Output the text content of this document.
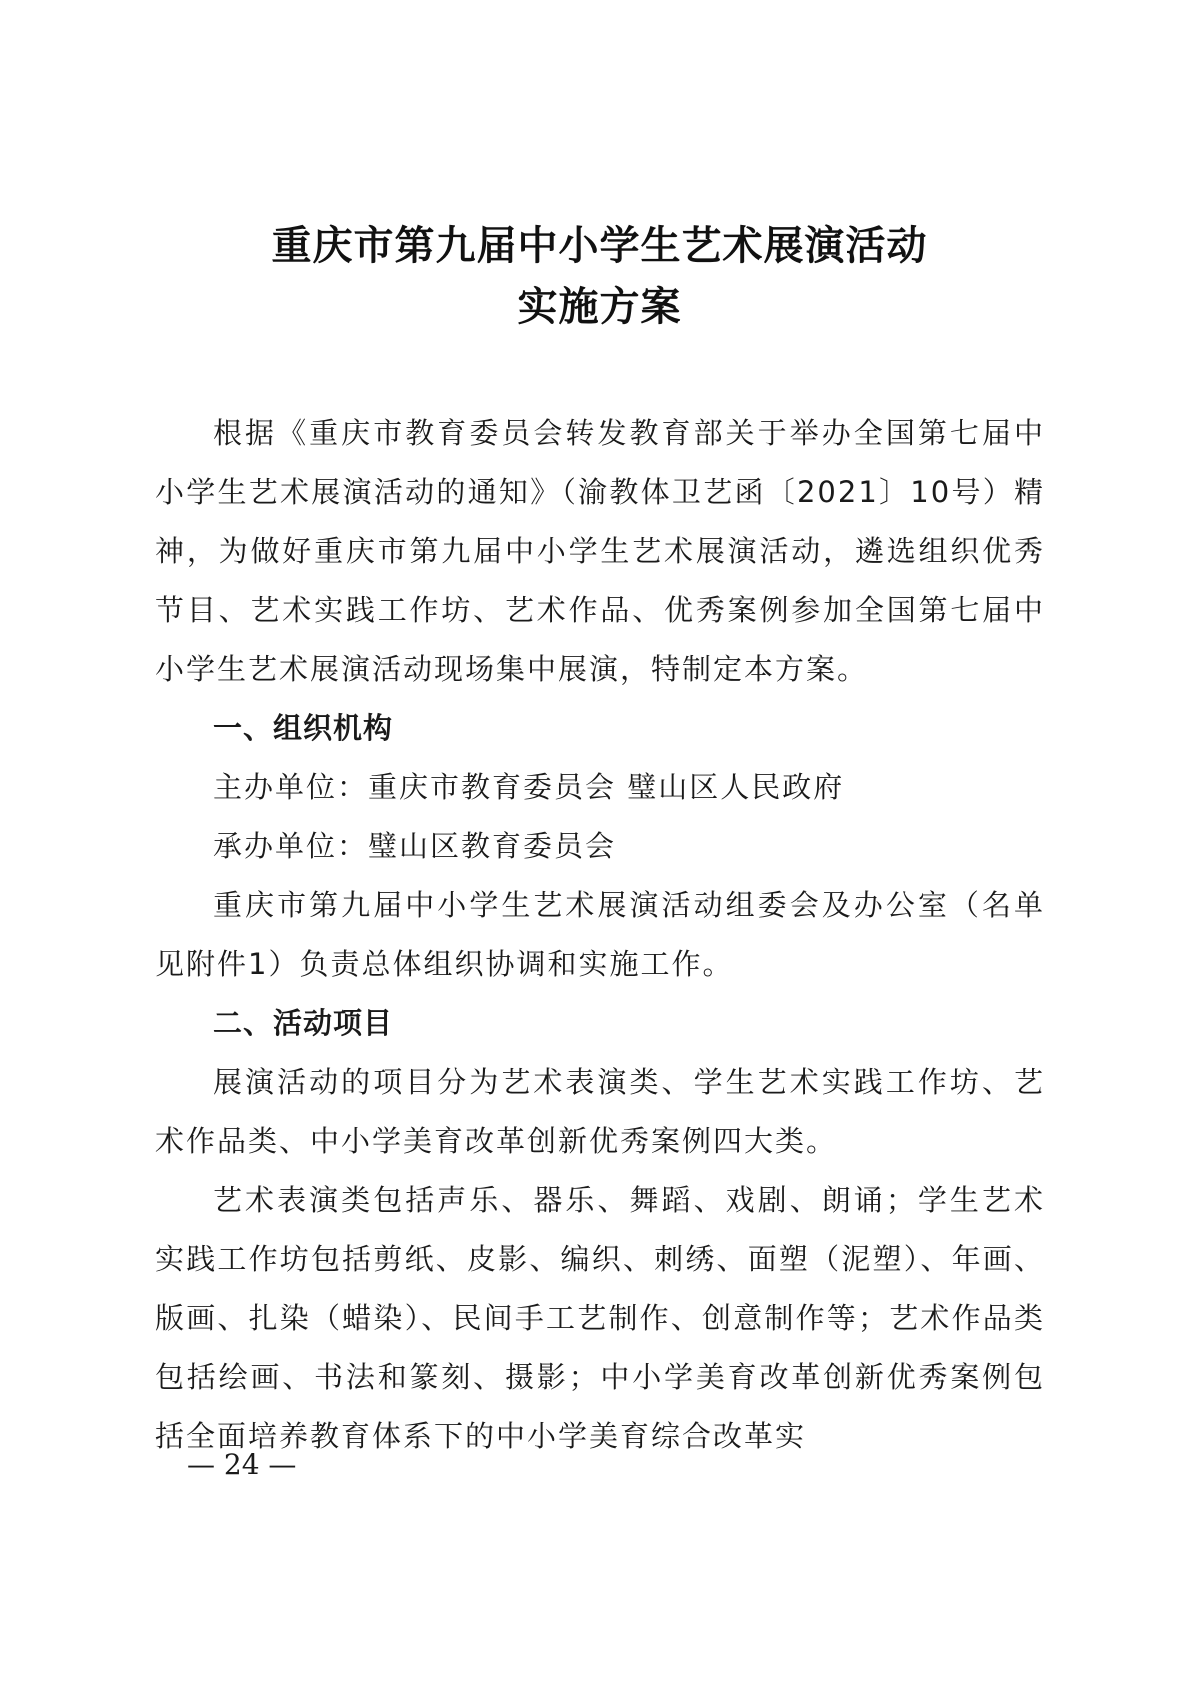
重庆市第九届中小学生艺术展演活动
实施方案

根据《重庆市教育委员会转发教育部关于举办全国第七届中小学生艺术展演活动的通知》（渝教体卫艺函〔2021〕10号）精神，为做好重庆市第九届中小学生艺术展演活动，遴选组织优秀节目、艺术实践工作坊、艺术作品、优秀案例参加全国第七届中小学生艺术展演活动现场集中展演，特制定本方案。

一、组织机构

主办单位：重庆市教育委员会 璧山区人民政府

承办单位：璧山区教育委员会

重庆市第九届中小学生艺术展演活动组委会及办公室（名单见附件1）负责总体组织协调和实施工作。

二、活动项目

展演活动的项目分为艺术表演类、学生艺术实践工作坊、艺术作品类、中小学美育改革创新优秀案例四大类。

艺术表演类包括声乐、器乐、舞蹈、戏剧、朗诵；学生艺术实践工作坊包括剪纸、皮影、编织、刺绣、面塑（泥塑）、年画、版画、扎染（蜡染）、民间手工艺制作、创意制作等；艺术作品类包括绘画、书法和篆刻、摄影；中小学美育改革创新优秀案例包括全面培养教育体系下的中小学美育综合改革实

— 24 —
